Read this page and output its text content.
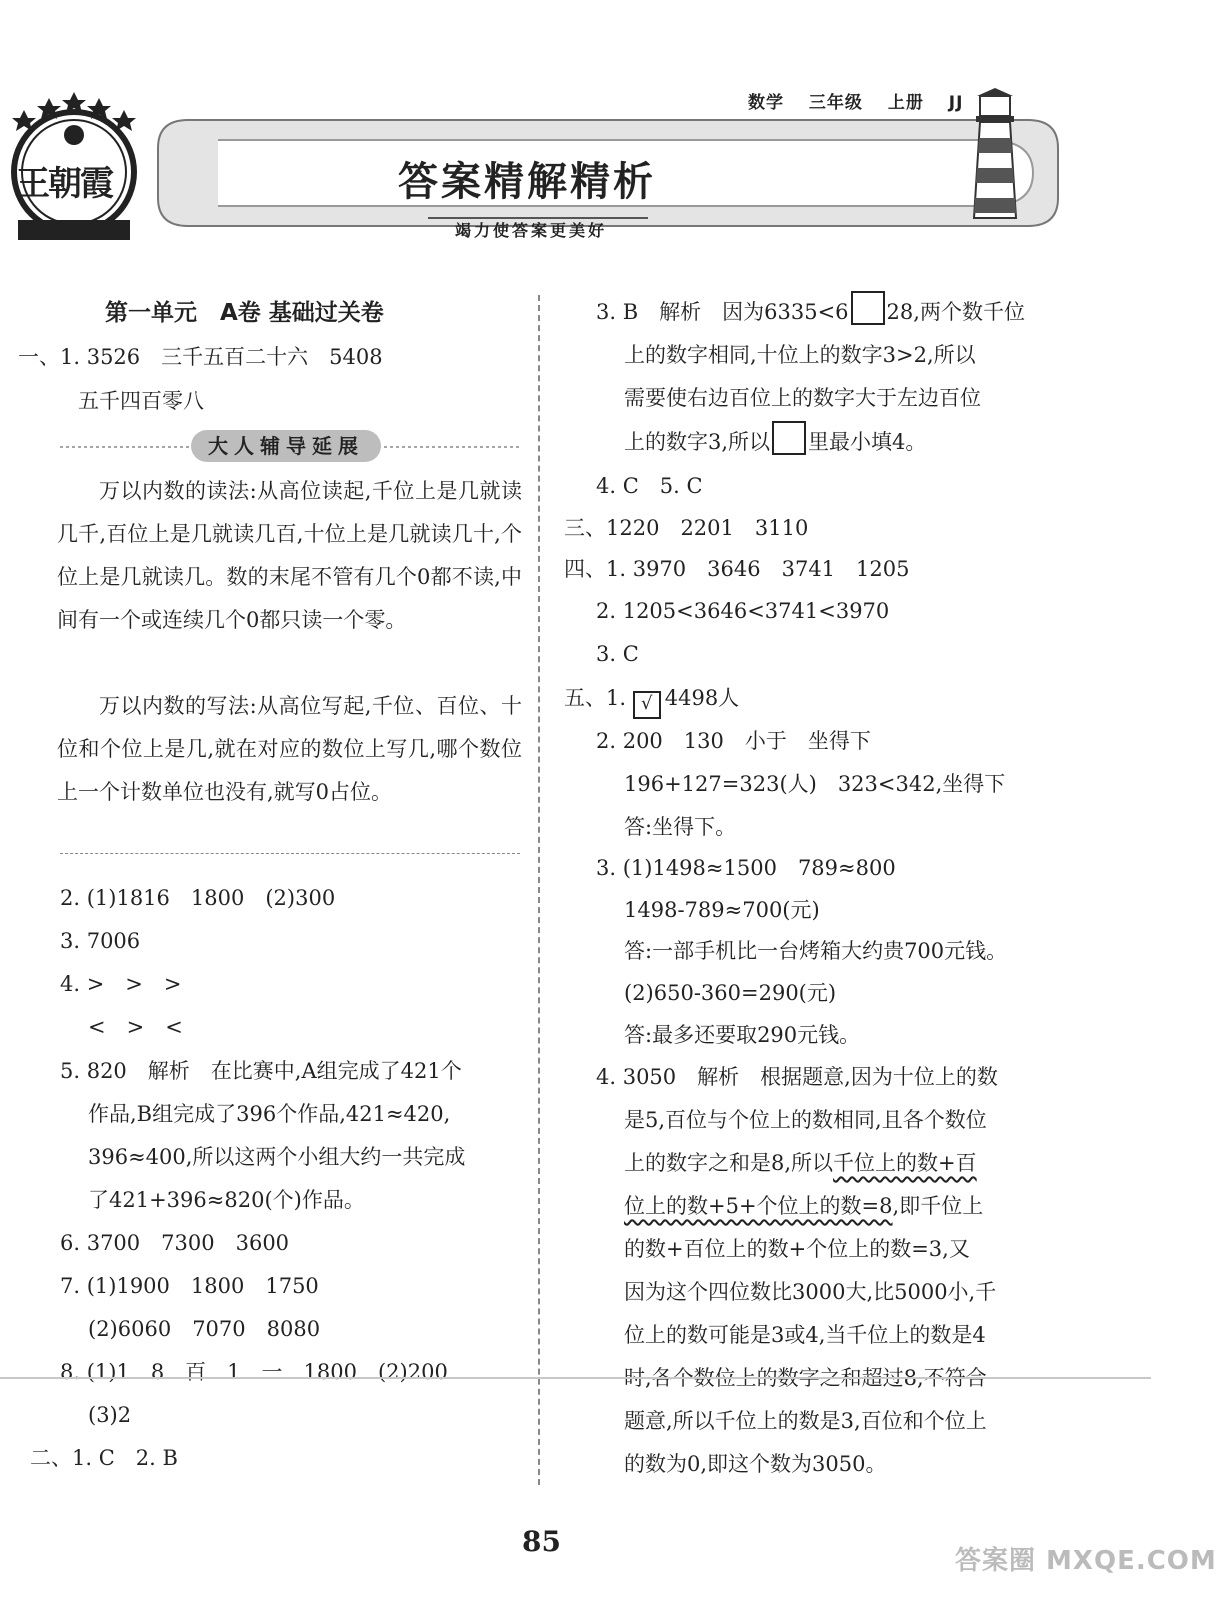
数学 三年级 上册 JJ
答案精解精析
竭力使答案更美好
王朝霞
第一单元　A卷 基础过关卷
一、1. 3526　三千五百二十六　5408
五千四百零八
大人辅导延展
万以内数的读法:从高位读起,千位上是几就读几千,百位上是几就读几百,十位上是几就读几十,个位上是几就读几。数的末尾不管有几个0都不读,中间有一个或连续几个0都只读一个零。
万以内数的写法:从高位写起,千位、百位、十位和个位上是几,就在对应的数位上写几,哪个数位上一个计数单位也没有,就写0占位。
2. (1)1816　1800　(2)300
3. 7006
4. >　>　>
<　>　<
5. 820　解析　在比赛中,A组完成了421个
作品,B组完成了396个作品,421≈420,
396≈400,所以这两个小组大约一共完成
了421+396≈820(个)作品。
6. 3700　7300　3600
7. (1)1900　1800　1750
(2)6060　7070　8080
8. (1)1　8　百　1　一　1800　(2)200
(3)2
二、1. C　2. B
3. B　解析　因为6335<6 28,两个数千位
上的数字相同,十位上的数字3>2,所以
需要使右边百位上的数字大于左边百位
上的数字3,所以 里最小填4。
4. C　5. C
三、1220　2201　3110
四、1. 3970　3646　3741　1205
2. 1205<3646<3741<3970
3. C
五、1. √ 4498人
2. 200　130　小于　坐得下
196+127=323(人)　323<342,坐得下
答:坐得下。
3. (1)1498≈1500　789≈800
1498-789≈700(元)
答:一部手机比一台烤箱大约贵700元钱。
(2)650-360=290(元)
答:最多还要取290元钱。
4. 3050　解析　根据题意,因为十位上的数
是5,百位与个位上的数相同,且各个数位
上的数字之和是8,所以千位上的数+百
位上的数+5+个位上的数=8,即千位上
的数+百位上的数+个位上的数=3,又
因为这个四位数比3000大,比5000小,千
位上的数可能是3或4,当千位上的数是4
时,各个数位上的数字之和超过8,不符合
题意,所以千位上的数是3,百位和个位上
的数为0,即这个数为3050。
85
答案圈 MXQE.COM
